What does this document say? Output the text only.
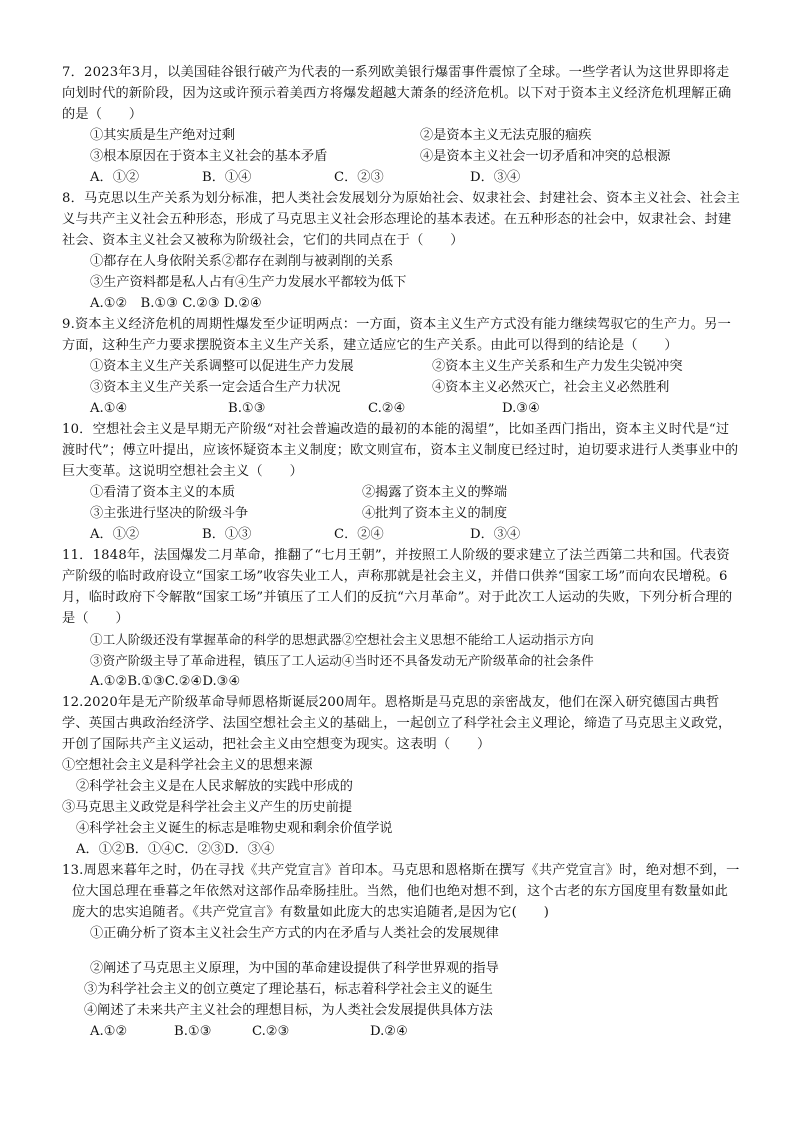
7．2023年3月，以美国硅谷银行破产为代表的一系列欧美银行爆雷事件震惊了全球。一些学者认为这世界即将走向划时代的新阶段，因为这或许预示着美西方将爆发超越大萧条的经济危机。以下对于资本主义经济危机理解正确的是（　　）

①其实质是生产绝对过剩	②是资本主义无法克服的痼疾
③根本原因在于资本主义社会的基本矛盾	④是资本主义社会一切矛盾和冲突的总根源
A．①②	B．①④	C．②③	D．③④

8．马克思以生产关系为划分标准，把人类社会发展划分为原始社会、奴隶社会、封建社会、资本主义社会、社会主义与共产主义社会五种形态，形成了马克思主义社会形态理论的基本表述。在五种形态的社会中，奴隶社会、封建社会、资本主义社会又被称为阶级社会，它们的共同点在于（　　）

①都存在人身依附关系②都存在剥削与被剥削的关系
③生产资料都是私人占有④生产力发展水平都较为低下
A.①②　B.①③ C.②③ D.②④

9.资本主义经济危机的周期性爆发至少证明两点：一方面，资本主义生产方式没有能力继续驾驭它的生产力。另一方面，这种生产力要求摆脱资本主义生产关系，建立适应它的生产关系。由此可以得到的结论是（　　）

①资本主义生产关系调整可以促进生产力发展	②资本主义生产关系和生产力发生尖锐冲突
③资本主义生产关系一定会适合生产力状况	④资本主义必然灭亡，社会主义必然胜利
A.①④	B.①③	C.②④	D.③④

10．空想社会主义是早期无产阶级“对社会普遍改造的最初的本能的渴望”，比如圣西门指出，资本主义时代是“过渡时代”；傅立叶提出，应该怀疑资本主义制度；欧文则宣布，资本主义制度已经过时，迫切要求进行人类事业中的巨大变革。这说明空想社会主义（　　）

①看清了资本主义的本质	②揭露了资本主义的弊端
③主张进行坚决的阶级斗争	④批判了资本主义的制度
A．①②	B．①③	C．②④	D．③④

11．1848年，法国爆发二月革命，推翻了“七月王朝”，并按照工人阶级的要求建立了法兰西第二共和国。代表资产阶级的临时政府设立“国家工场”收容失业工人，声称那就是社会主义，并借口供养“国家工场”而向农民增税。6月，临时政府下令解散“国家工场”并镇压了工人们的反抗“六月革命”。对于此次工人运动的失败，下列分析合理的是（　　）

①工人阶级还没有掌握革命的科学的思想武器②空想社会主义思想不能给工人运动指示方向
③资产阶级主导了革命进程，镇压了工人运动④当时还不具备发动无产阶级革命的社会条件
A.①②B.①③C.②④D.③④

12.2020年是无产阶级革命导师恩格斯诞辰200周年。恩格斯是马克思的亲密战友，他们在深入研究德国古典哲学、英国古典政治经济学、法国空想社会主义的基础上，一起创立了科学社会主义理论，缔造了马克思主义政党，开创了国际共产主义运动，把社会主义由空想变为现实。这表明（　　）

①空想社会主义是科学社会主义的思想来源
②科学社会主义是在人民求解放的实践中形成的
③马克思主义政党是科学社会主义产生的历史前提
④科学社会主义诞生的标志是唯物史观和剩余价值学说
A．①②B．①④C．②③D．③④

13.周恩来暮年之时，仍在寻找《共产党宣言》首印本。马克思和恩格斯在撰写《共产党宣言》时，绝对想不到，一位大国总理在垂暮之年依然对这部作品牵肠挂肚。当然，他们也绝对想不到，这个古老的东方国度里有数量如此庞大的忠实追随者。《共产党宣言》有数量如此庞大的忠实追随者,是因为它(　　)

①正确分析了资本主义社会生产方式的内在矛盾与人类社会的发展规律
②阐述了马克思主义原理，为中国的革命建设提供了科学世界观的指导
③为科学社会主义的创立奠定了理论基石，标志着科学社会主义的诞生
④阐述了未来共产主义社会的理想目标，为人类社会发展提供具体方法
A.①②	B.①③	C.②③	D.②④
